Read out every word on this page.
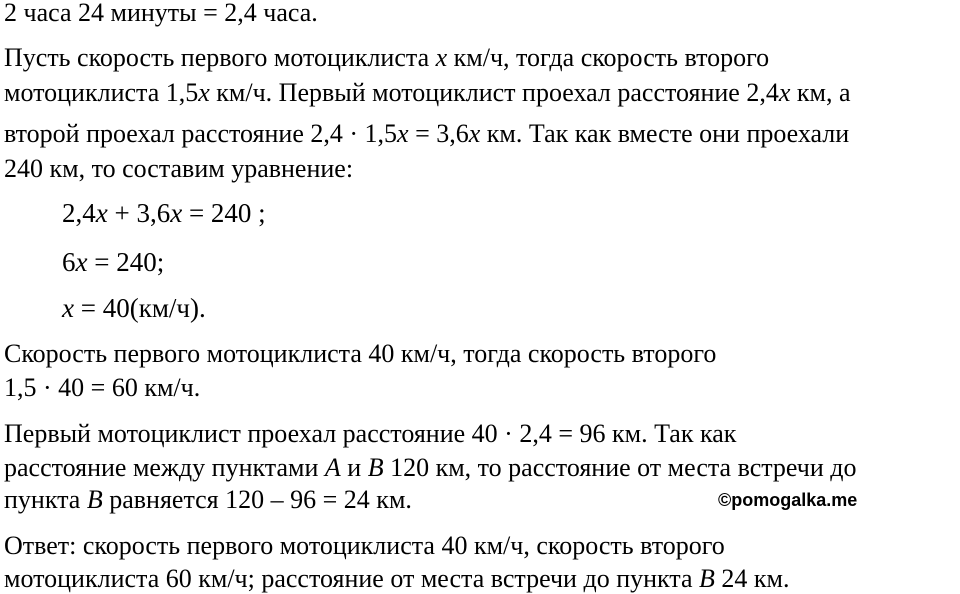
2 часа 24 минуты = 2,4 часа.
Пусть скорость первого мотоциклиста x км/ч, тогда скорость второго
мотоциклиста 1,5x км/ч. Первый мотоциклист проехал расстояние 2,4x км, а
второй проехал расстояние 2,4 · 1,5x = 3,6x км. Так как вместе они проехали
240 км, то составим уравнение:
2,4x + 3,6x = 240 ;
6x = 240;
x = 40(км/ч).
Скорость первого мотоциклиста 40 км/ч, тогда скорость второго
1,5 · 40 = 60 км/ч.
Первый мотоциклист проехал расстояние 40 · 2,4 = 96 км. Так как
расстояние между пунктами A и B 120 км, то расстояние от места встречи до
пункта B равняется 120 – 96 = 24 км.	©pomogalka.me
Ответ: скорость первого мотоциклиста 40 км/ч, скорость второго
мотоциклиста 60 км/ч; расстояние от места встречи до пункта B 24 км.
